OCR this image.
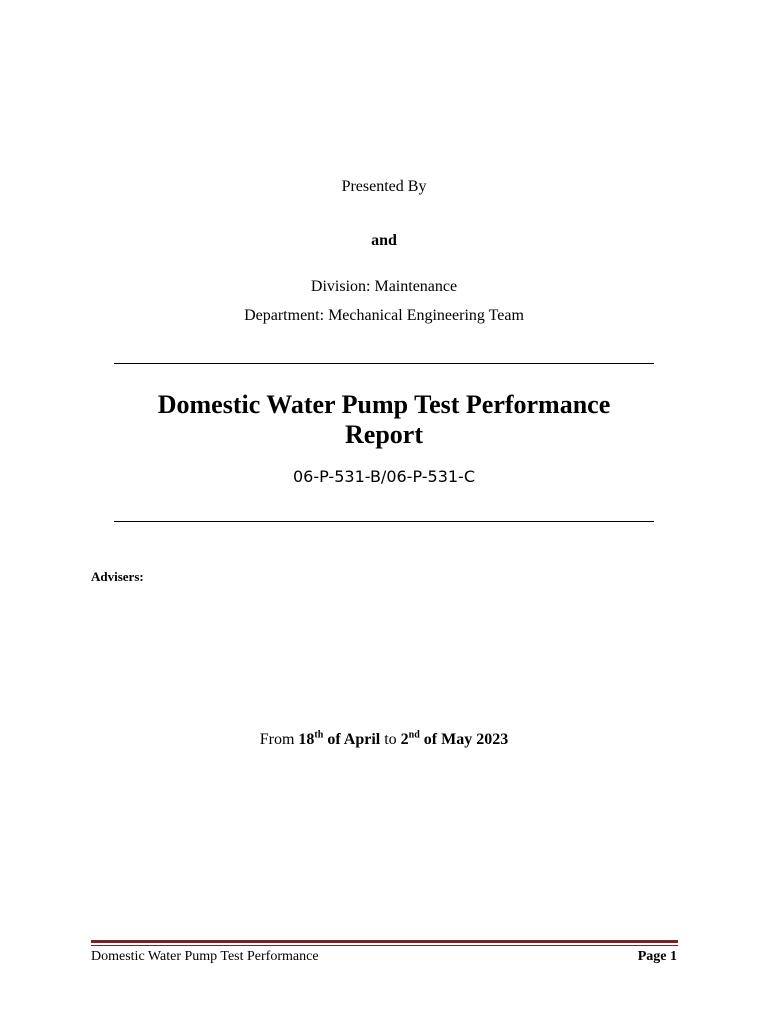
Presented By
and
Division: Maintenance
Department: Mechanical Engineering Team
Domestic Water Pump Test Performance
Report
06-P-531-B/06-P-531-C
Advisers:
From 18th of April to 2nd of May 2023
Domestic Water Pump Test Performance	Page 1
